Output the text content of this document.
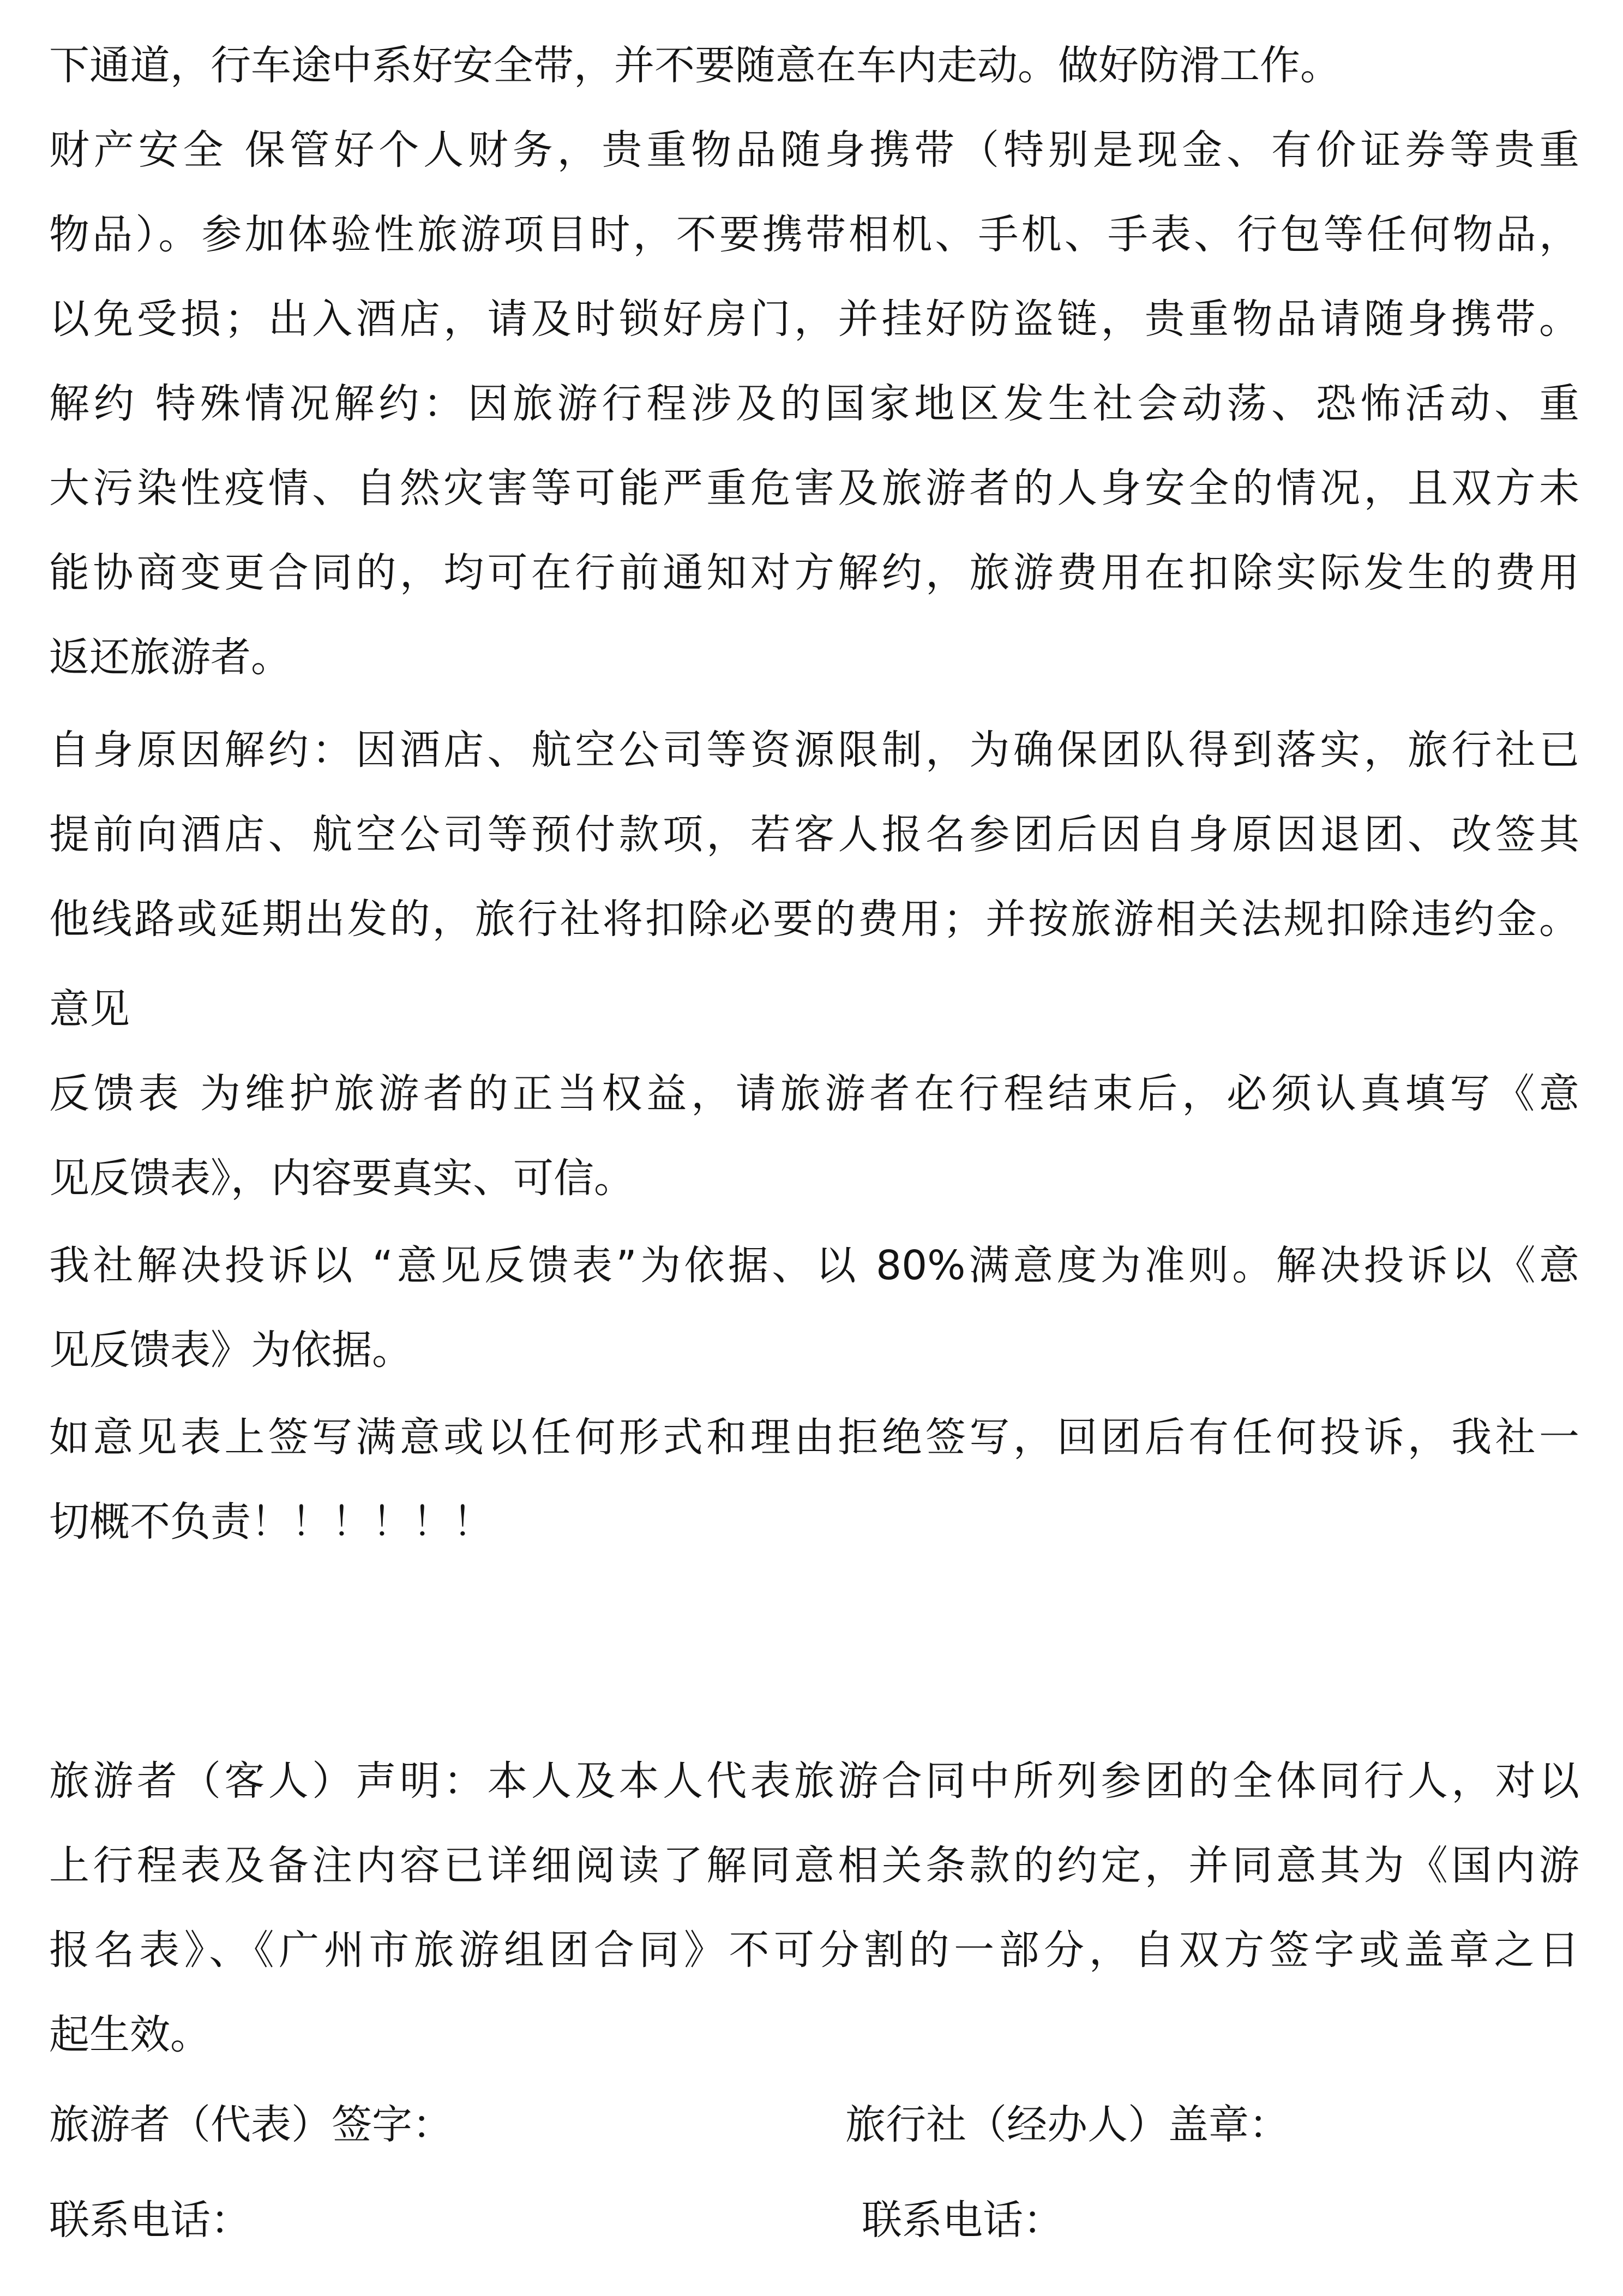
下通道，行车途中系好安全带，并不要随意在车内走动。做好防滑工作。
财产安全 保管好个人财务，贵重物品随身携带（特别是现金、有价证券等贵重
物品）。参加体验性旅游项目时，不要携带相机、手机、手表、行包等任何物品，
以免受损；出入酒店，请及时锁好房门，并挂好防盗链，贵重物品请随身携带。
解约 特殊情况解约：因旅游行程涉及的国家地区发生社会动荡、恐怖活动、重
大污染性疫情、自然灾害等可能严重危害及旅游者的人身安全的情况，且双方未
能协商变更合同的，均可在行前通知对方解约，旅游费用在扣除实际发生的费用
返还旅游者。
自身原因解约：因酒店、航空公司等资源限制，为确保团队得到落实，旅行社已
提前向酒店、航空公司等预付款项，若客人报名参团后因自身原因退团、改签其
他线路或延期出发的，旅行社将扣除必要的费用；并按旅游相关法规扣除违约金。
意见
反馈表 为维护旅游者的正当权益，请旅游者在行程结束后，必须认真填写《意
见反馈表》，内容要真实、可信。
我社解决投诉以 “意见反馈表”为依据、以 80%满意度为准则。解决投诉以《意
见反馈表》为依据。
如意见表上签写满意或以任何形式和理由拒绝签写，回团后有任何投诉，我社一
切概不负责！！！！！！
旅游者（客人）声明：本人及本人代表旅游合同中所列参团的全体同行人，对以
上行程表及备注内容已详细阅读了解同意相关条款的约定，并同意其为《国内游
报名表》、《广州市旅游组团合同》不可分割的一部分，自双方签字或盖章之日
起生效。
旅游者（代表）签字：	旅行社（经办人）盖章：
联系电话：	联系电话：
